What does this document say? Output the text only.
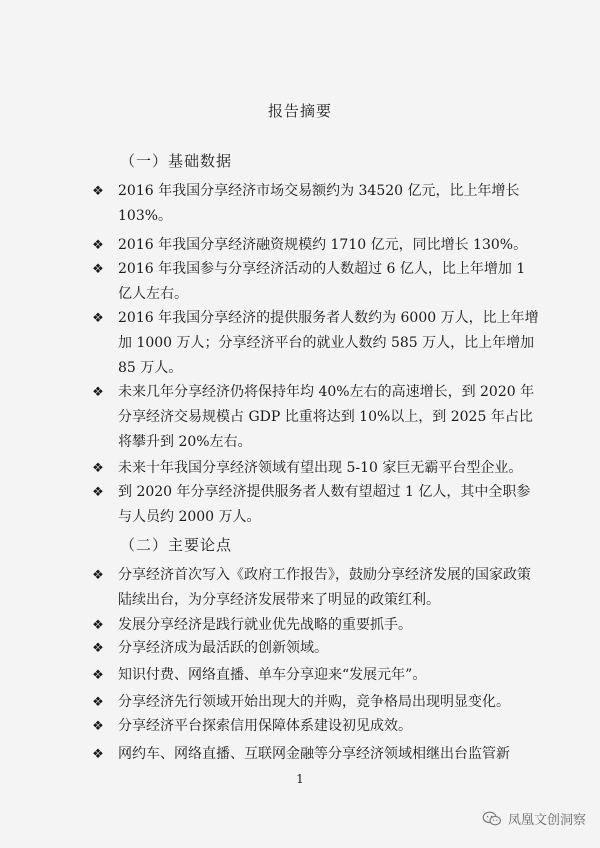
报告摘要
（一）基础数据
❖ 2016 年我国分享经济市场交易额约为 34520 亿元，比上年增长 103%。
❖ 2016 年我国分享经济融资规模约 1710 亿元，同比增长 130%。
❖ 2016 年我国参与分享经济活动的人数超过 6 亿人，比上年增加 1 亿人左右。
❖ 2016 年我国分享经济的提供服务者人数约为 6000 万人，比上年增加 1000 万人；分享经济平台的就业人数约 585 万人，比上年增加 85 万人。
❖ 未来几年分享经济仍将保持年均 40%左右的高速增长，到 2020 年分享经济交易规模占 GDP 比重将达到 10%以上，到 2025 年占比将攀升到 20%左右。
❖ 未来十年我国分享经济领域有望出现 5-10 家巨无霸平台型企业。
❖ 到 2020 年分享经济提供服务者人数有望超过 1 亿人，其中全职参与人员约 2000 万人。
（二）主要论点
❖ 分享经济首次写入《政府工作报告》，鼓励分享经济发展的国家政策陆续出台，为分享经济发展带来了明显的政策红利。
❖ 发展分享经济是践行就业优先战略的重要抓手。
❖ 分享经济成为最活跃的创新领域。
❖ 知识付费、网络直播、单车分享迎来“发展元年”。
❖ 分享经济先行领域开始出现大的并购，竞争格局出现明显变化。
❖ 分享经济平台探索信用保障体系建设初见成效。
❖ 网约车、网络直播、互联网金融等分享经济领域相继出台监管新
1
凤凰文创洞察
